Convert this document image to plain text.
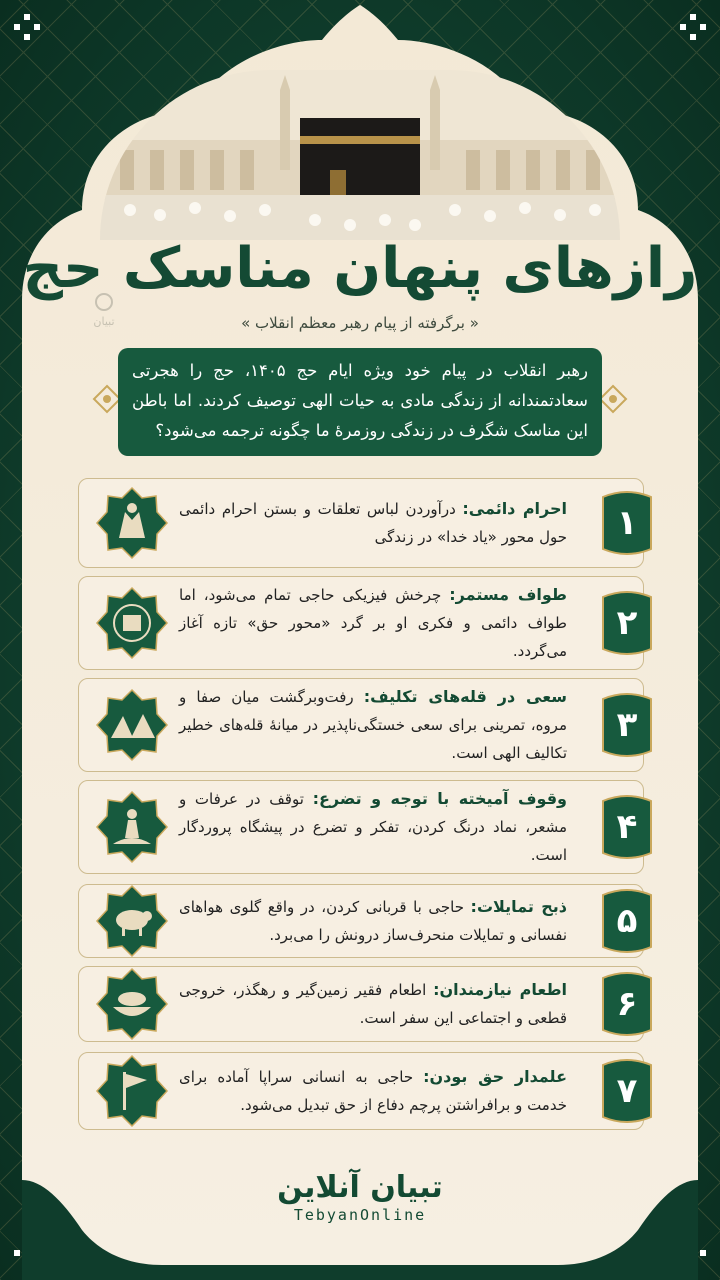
رازهای پنهان مناسک حج
تبیان	« برگرفته از پیام رهبر معظم انقلاب »
رهبر انقلاب در پیام خود ویژه ایام حج ۱۴۰۵، حج را هجرتی سعادتمندانه از زندگی مادی به حیات الهی توصیف کردند. اما باطن این مناسک شگرف در زندگی روزمرهٔ ما چگونه ترجمه می‌شود؟
احرام دائمی: درآوردن لباس تعلقات و بستن احرام دائمی حول محور «یاد خدا» در زندگی	۱
طواف مستمر: چرخش فیزیکی حاجی تمام می‌شود، اما طواف دائمی و فکری او بر گرد «محور حق» تازه آغاز می‌گردد.
۲
سعی در قله‌های تکلیف: رفت‌وبرگشت میان صفا و مروه، تمرینی برای سعی خستگی‌ناپذیر در میانهٔ قله‌های خطیر تکالیف الهی است.
۳
وقوف آمیخته با توجه و تضرع: توقف در عرفات و مشعر، نماد درنگ کردن، تفکر و تضرع در پیشگاه پروردگار است.
۴
ذبح تمایلات: حاجی با قربانی کردن، در واقع گلوی هواهای نفسانی و تمایلات منحرف‌ساز درونش را می‌برد.	۵
اطعام نیازمندان: اطعام فقیر زمین‌گیر و رهگذر، خروجی قطعی و اجتماعی این سفر است.	۶
علمدار حق بودن: حاجی به انسانی سراپا آماده برای خدمت و برافراشتن پرچم دفاع از حق تبدیل می‌شود.	۷
تبیان آنلاین
TebyanOnline
